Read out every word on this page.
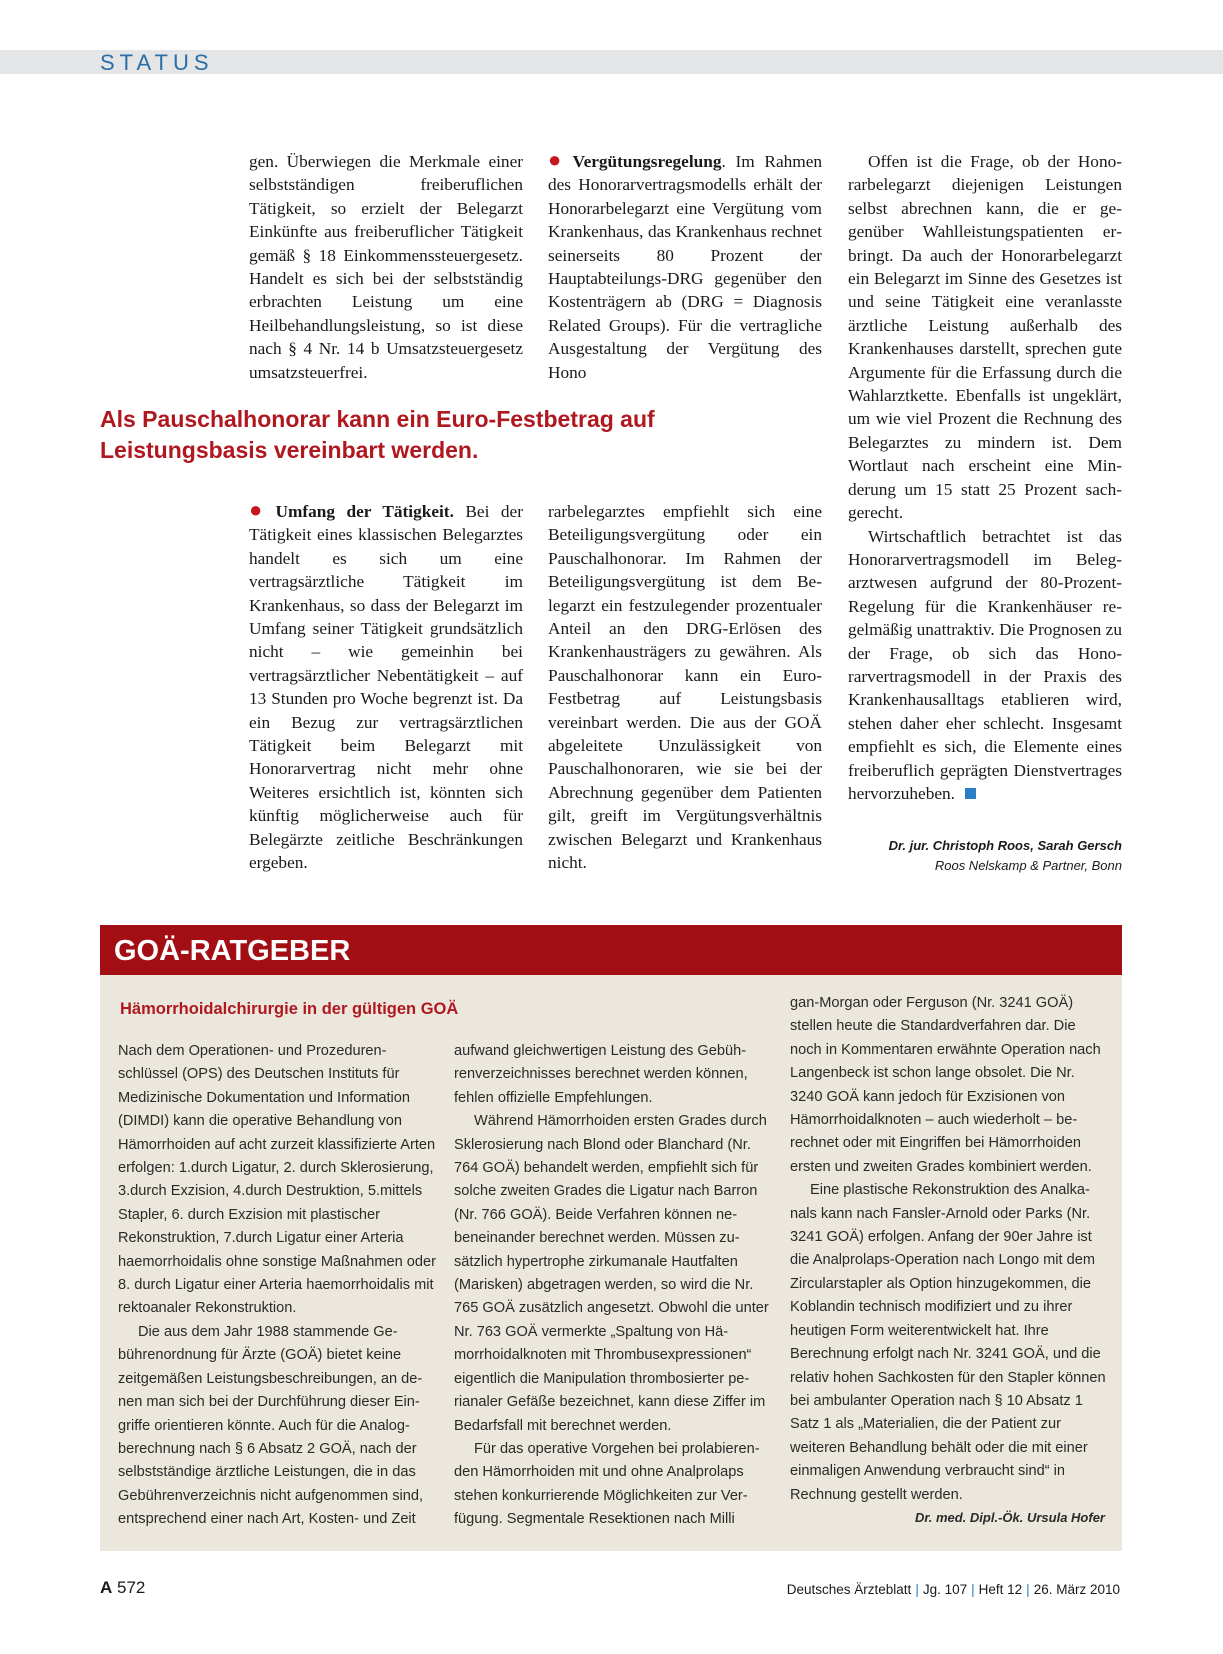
STATUS

gen. Überwiegen die Merkmale einer selbstständigen freiberuflichen Tätigkeit, so erzielt der Belegarzt Einkünfte aus freiberuflicher Tätigkeit gemäß § 18 Einkommenssteuergesetz. Handelt es sich bei der selbstständig erbrachten Leistung um eine Heilbehandlungsleistung, so ist diese nach § 4 Nr. 14 b Umsatzsteuergesetz umsatzsteuerfrei.

● Vergütungsregelung. Im Rahmen des Honorarvertragsmodells erhält der Honorarbelegarzt eine Vergütung vom Krankenhaus, das Krankenhaus rechnet seinerseits 80 Prozent der Hauptabteilungs-DRG gegenüber den Kostenträgern ab (DRG = Diagnosis Related Groups). Für die vertragliche Ausgestaltung der Vergütung des Hono

Als Pauschalhonorar kann ein Euro-Festbetrag auf Leistungsbasis vereinbart werden.

● Umfang der Tätigkeit. Bei der Tätigkeit eines klassischen Belegarztes handelt es sich um eine vertragsärztliche Tätigkeit im Krankenhaus, so dass der Belegarzt im Umfang seiner Tätigkeit grundsätzlich nicht – wie gemeinhin bei vertragsärztlicher Nebentätigkeit – auf 13 Stunden pro Woche begrenzt ist. Da ein Bezug zur vertragsärztlichen Tätigkeit beim Belegarzt mit Honorarvertrag nicht mehr ohne Weiteres ersichtlich ist, könnten sich künftig möglicherweise auch für Belegärzte zeitliche Beschränkungen ergeben.

rarbelegarztes empfiehlt sich eine Beteiligungsvergütung oder ein Pauschalhonorar. Im Rahmen der Beteiligungsvergütung ist dem Belegarzt ein festzulegender prozentualer Anteil an den DRG-Erlösen des Krankenhausträgers zu gewähren. Als Pauschalhonorar kann ein Euro-Festbetrag auf Leistungsbasis vereinbart werden. Die aus der GOÄ abgeleitete Unzulässigkeit von Pauschalhonoraren, wie sie bei der Abrechnung gegenüber dem Patienten gilt, greift im Vergütungsverhältnis zwischen Belegarzt und Krankenhaus nicht.

Offen ist die Frage, ob der Honorarbelegarzt diejenigen Leistungen selbst abrechnen kann, die er gegenüber Wahlleistungspatienten erbringt. Da auch der Honorarbelegarzt ein Belegarzt im Sinne des Gesetzes ist und seine Tätigkeit eine veranlasste ärztliche Leistung außerhalb des Krankenhauses darstellt, sprechen gute Argumente für die Erfassung durch die Wahlarztkette. Ebenfalls ist ungeklärt, um wie viel Prozent die Rechnung des Belegarztes zu mindern ist. Dem Wortlaut nach erscheint eine Minderung um 15 statt 25 Prozent sachgerecht.

Wirtschaftlich betrachtet ist das Honorarvertragsmodell im Belegarztwesen aufgrund der 80-Prozent-Regelung für die Krankenhäuser regelmäßig unattraktiv. Die Prognosen zu der Frage, ob sich das Honorarvertragsmodell in der Praxis des Krankenhausalltags etablieren wird, stehen daher eher schlecht. Insgesamt empfiehlt es sich, die Elemente eines freiberuflich geprägten Dienstvertrages hervorzuheben.

Dr. jur. Christoph Roos, Sarah Gersch
Roos Nelskamp & Partner, Bonn
GOÄ-RATGEBER
Hämorrhoidalchirurgie in der gültigen GOÄ

Nach dem Operationen- und Prozedurenschlüssel (OPS) des Deutschen Instituts für Medizinische Dokumentation und Information (DIMDI) kann die operative Behandlung von Hämorrhoiden auf acht zurzeit klassifizierte Arten erfolgen: 1.durch Ligatur, 2. durch Sklerosierung, 3.durch Exzision, 4.durch Destruktion, 5.mittels Stapler, 6. durch Exzision mit plastischer Rekonstruktion, 7.durch Ligatur einer Arteria haemorrhoidalis ohne sonstige Maßnahmen oder 8. durch Ligatur einer Arteria haemorrhoidalis mit rektoanaler Rekonstruktion.

Die aus dem Jahr 1988 stammende Gebührenordnung für Ärzte (GOÄ) bietet keine zeitgemäßen Leistungsbeschreibungen, an denen man sich bei der Durchführung dieser Eingriffe orientieren könnte. Auch für die Analogberechnung nach § 6 Absatz 2 GOÄ, nach der selbstständige ärztliche Leistungen, die in das Gebührenverzeichnis nicht aufgenommen sind, entsprechend einer nach Art, Kosten- und Zeit

aufwand gleichwertigen Leistung des Gebührenverzeichnisses berechnet werden können, fehlen offizielle Empfehlungen.

Während Hämorrhoiden ersten Grades durch Sklerosierung nach Blond oder Blanchard (Nr. 764 GOÄ) behandelt werden, empfiehlt sich für solche zweiten Grades die Ligatur nach Barron (Nr. 766 GOÄ). Beide Verfahren können nebeneinander berechnet werden. Müssen zusätzlich hypertrophe zirkumanale Hautfalten (Marisken) abgetragen werden, so wird die Nr. 765 GOÄ zusätzlich angesetzt. Obwohl die unter Nr. 763 GOÄ vermerkte „Spaltung von Hämorrhoidalknoten mit Thrombusexpressionen“ eigentlich die Manipulation thrombosierter perianaler Gefäße bezeichnet, kann diese Ziffer im Bedarfsfall mit berechnet werden.

Für das operative Vorgehen bei prolabierenden Hämorrhoiden mit und ohne Analprolaps stehen konkurrierende Möglichkeiten zur Verfügung. Segmentale Resektionen nach Milli

gan-Morgan oder Ferguson (Nr. 3241 GOÄ) stellen heute die Standardverfahren dar. Die noch in Kommentaren erwähnte Operation nach Langenbeck ist schon lange obsolet. Die Nr. 3240 GOÄ kann jedoch für Exzisionen von Hämorrhoidalknoten – auch wiederholt – berechnet oder mit Eingriffen bei Hämorrhoiden ersten und zweiten Grades kombiniert werden.

Eine plastische Rekonstruktion des Analkanals kann nach Fansler-Arnold oder Parks (Nr. 3241 GOÄ) erfolgen. Anfang der 90er Jahre ist die Analprolaps-Operation nach Longo mit dem Zircularstapler als Option hinzugekommen, die Koblandin technisch modifiziert und zu ihrer heutigen Form weiterentwickelt hat. Ihre Berechnung erfolgt nach Nr. 3241 GOÄ, und die relativ hohen Sachkosten für den Stapler können bei ambulanter Operation nach § 10 Absatz 1 Satz 1 als „Materialien, die der Patient zur weiteren Behandlung behält oder die mit einer einmaligen Anwendung verbraucht sind“ in Rechnung gestellt werden.

Dr. med. Dipl.-Ök. Ursula Hofer
A 572	Deutsches Ärzteblatt | Jg. 107 | Heft 12 | 26. März 2010
